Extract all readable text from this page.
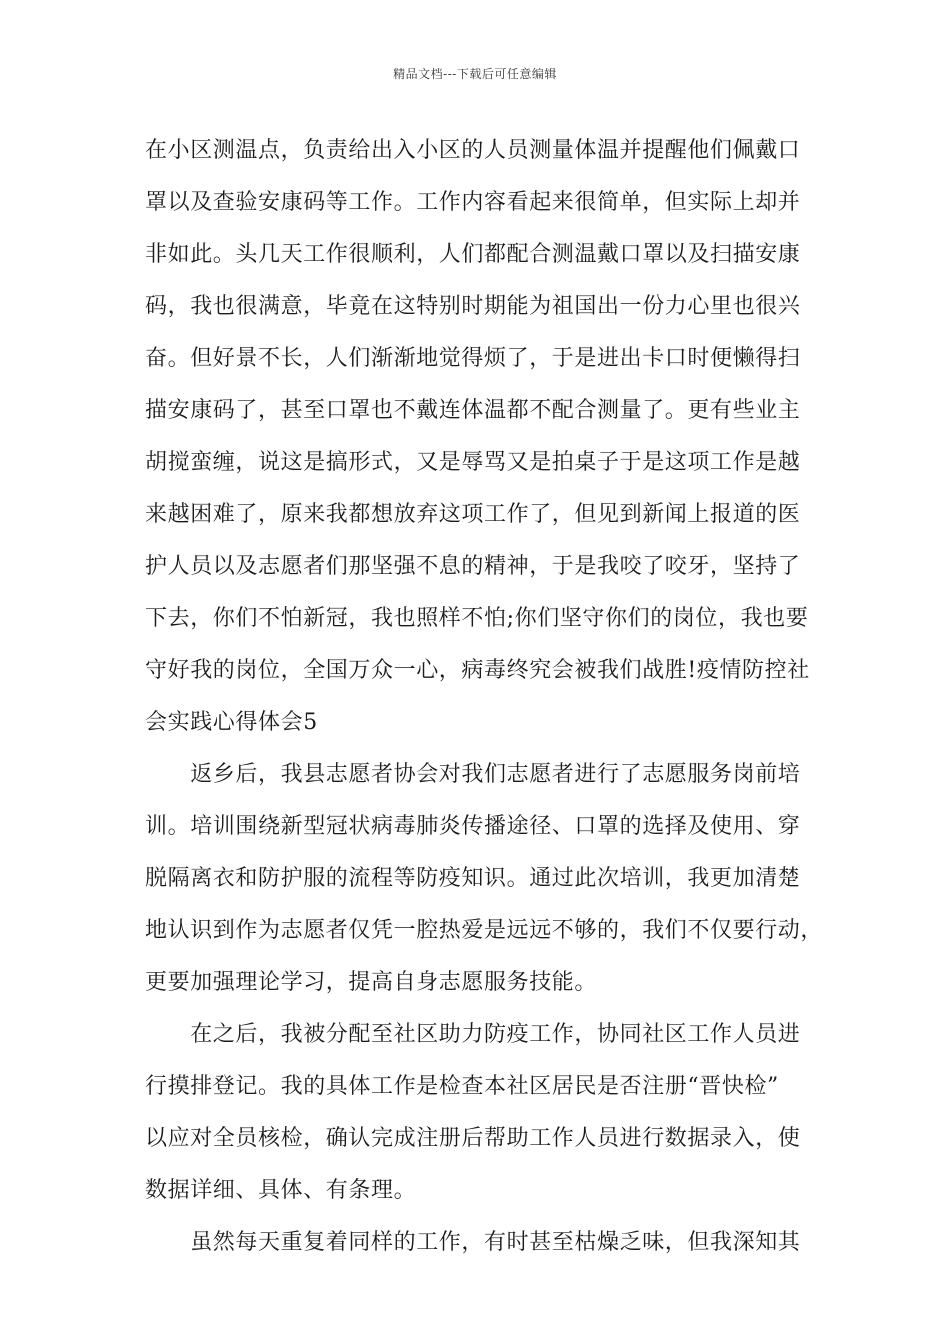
精品文档---下载后可任意编辑
在小区测温点，负责给出入小区的人员测量体温并提醒他们佩戴口
罩以及查验安康码等工作。工作内容看起来很简单，但实际上却并
非如此。头几天工作很顺利，人们都配合测温戴口罩以及扫描安康
码，我也很满意，毕竟在这特别时期能为祖国出一份力心里也很兴
奋。但好景不长，人们渐渐地觉得烦了，于是进出卡口时便懒得扫
描安康码了，甚至口罩也不戴连体温都不配合测量了。更有些业主
胡搅蛮缠，说这是搞形式，又是辱骂又是拍桌子于是这项工作是越
来越困难了，原来我都想放弃这项工作了，但见到新闻上报道的医
护人员以及志愿者们那坚强不息的精神，于是我咬了咬牙，坚持了
下去，你们不怕新冠，我也照样不怕;你们坚守你们的岗位，我也要
守好我的岗位，全国万众一心，病毒终究会被我们战胜!疫情防控社
会实践心得体会5
　　返乡后，我县志愿者协会对我们志愿者进行了志愿服务岗前培
训。培训围绕新型冠状病毒肺炎传播途径、口罩的选择及使用、穿
脱隔离衣和防护服的流程等防疫知识。通过此次培训，我更加清楚
地认识到作为志愿者仅凭一腔热爱是远远不够的，我们不仅要行动，
更要加强理论学习，提高自身志愿服务技能。
　　在之后，我被分配至社区助力防疫工作，协同社区工作人员进
行摸排登记。我的具体工作是检查本社区居民是否注册“晋快检”
以应对全员核检，确认完成注册后帮助工作人员进行数据录入，使
数据详细、具体、有条理。
　　虽然每天重复着同样的工作，有时甚至枯燥乏味，但我深知其
